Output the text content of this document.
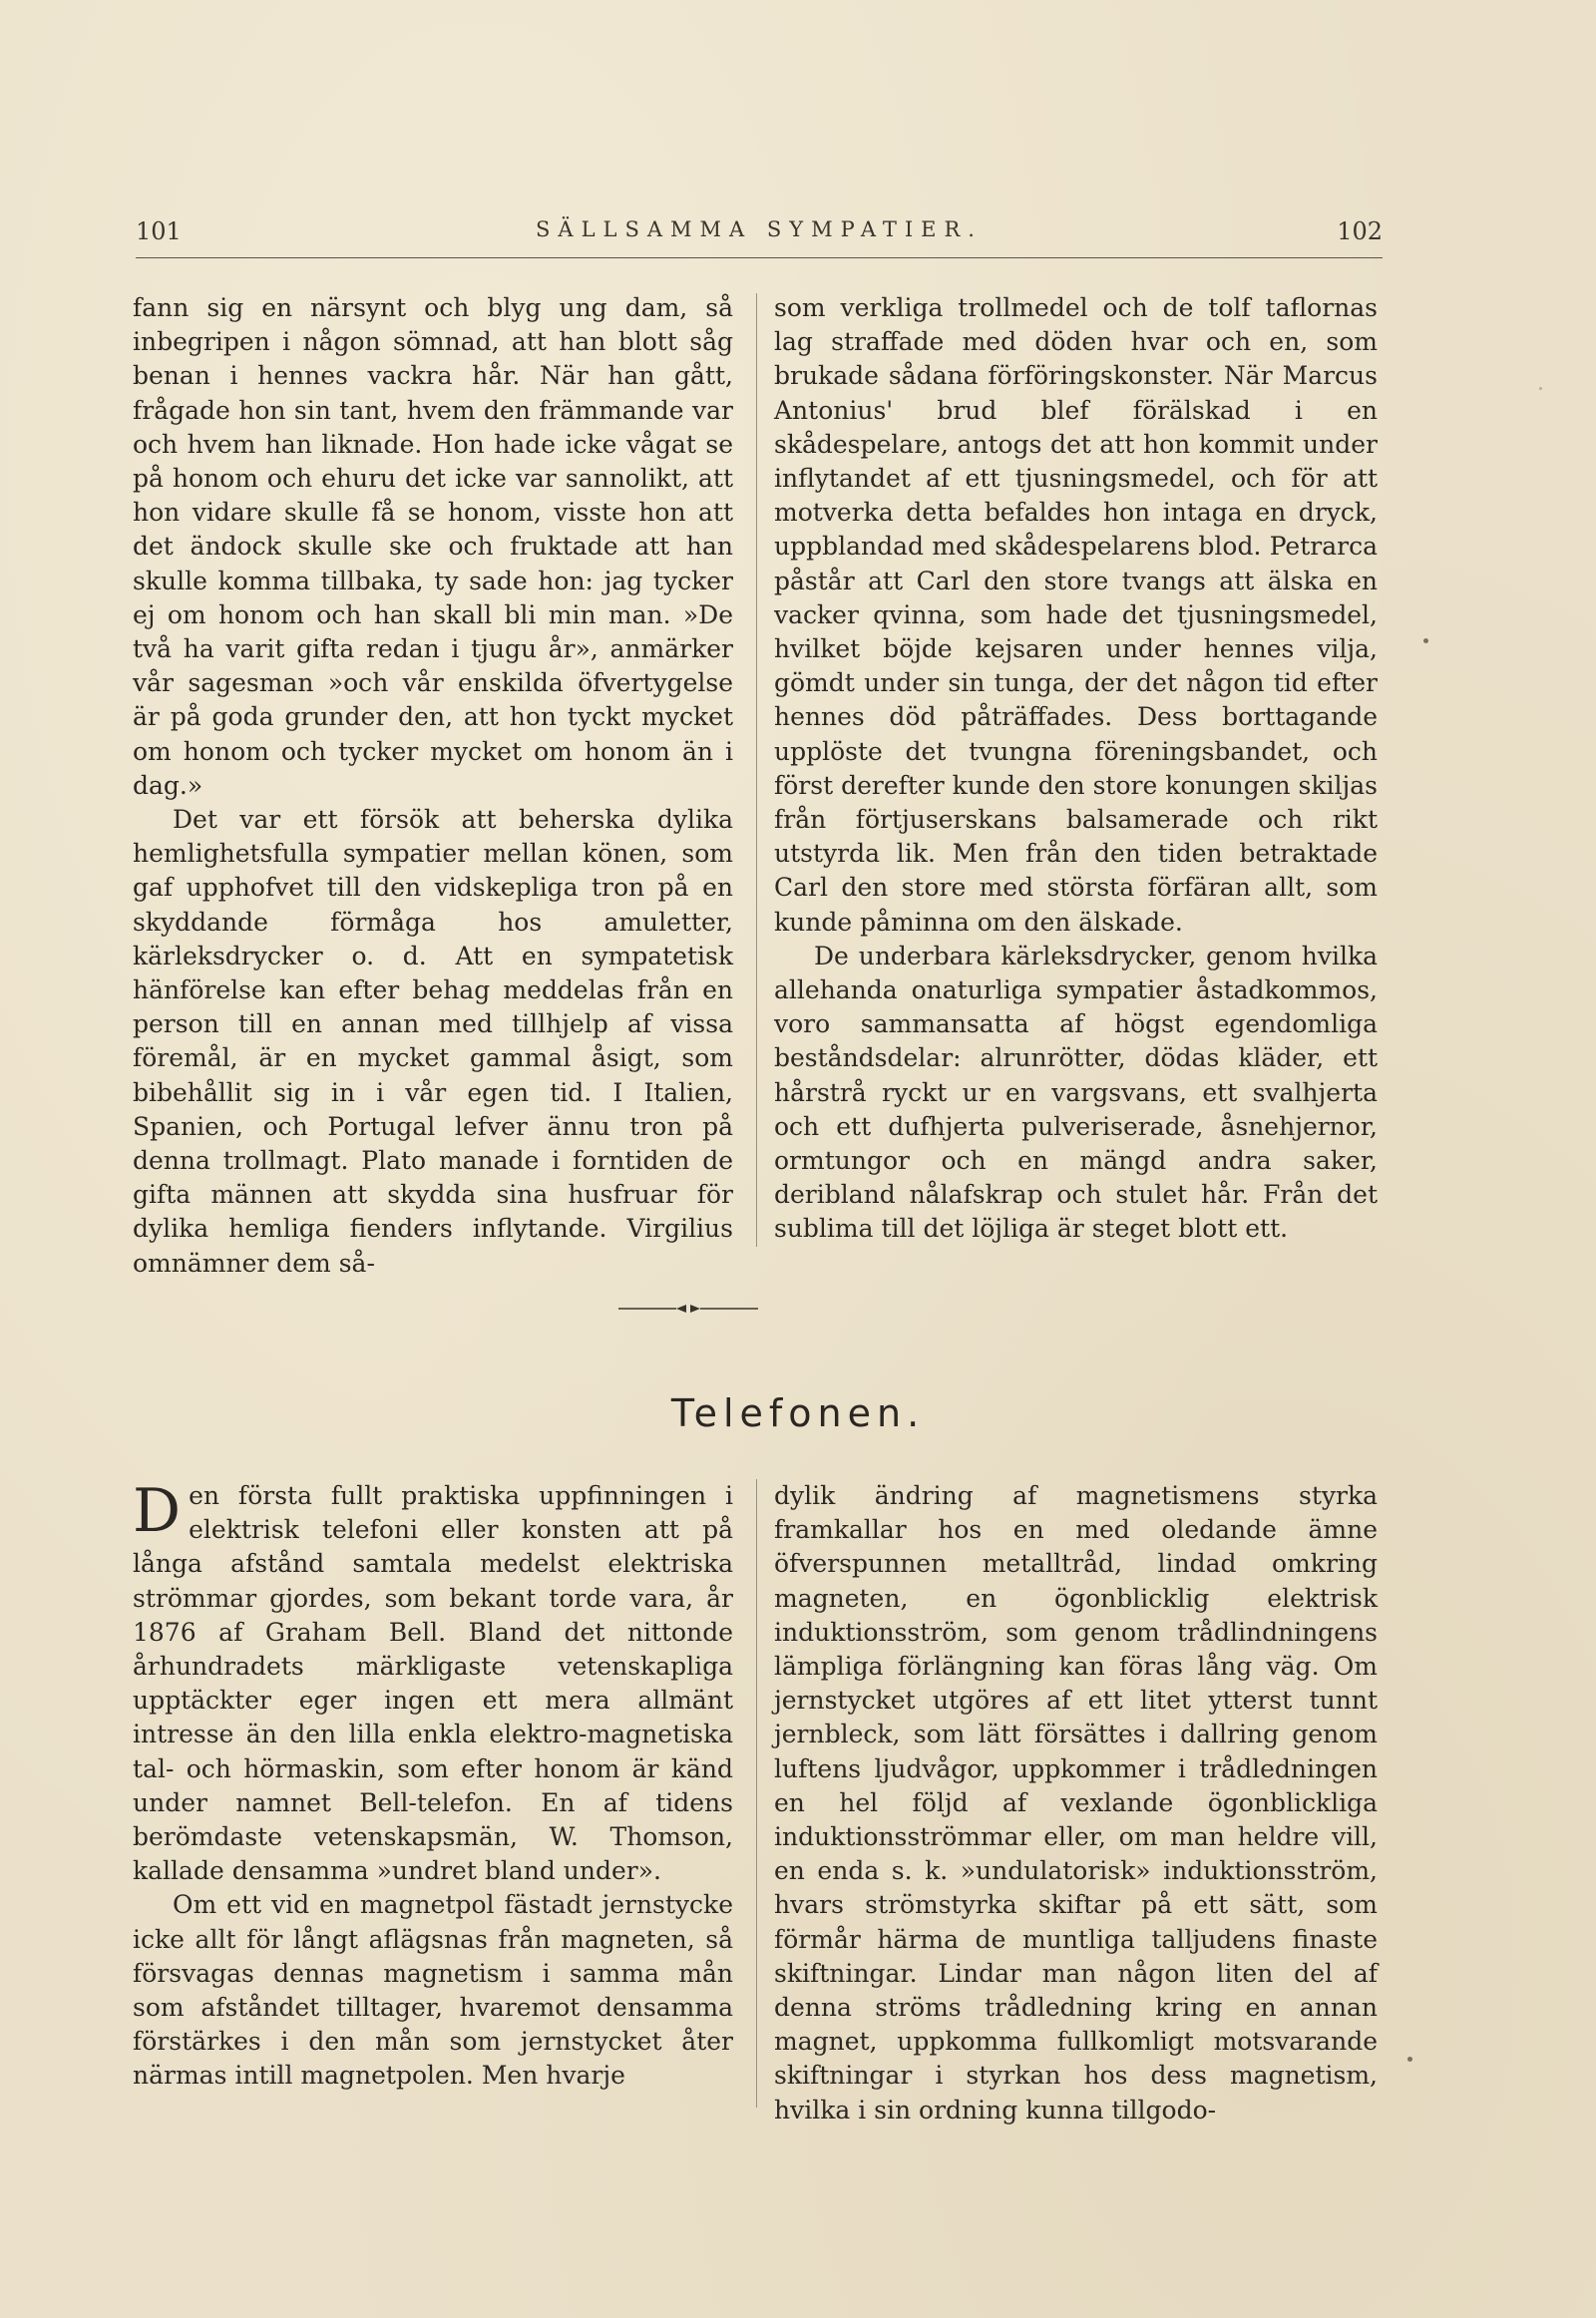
101	SÄLLSAMMA SYMPATIER.	102

fann sig en närsynt och blyg ung dam, så inbegripen i någon sömnad, att han blott såg benan i hennes vackra hår. När han gått, frågade hon sin tant, hvem den främmande var och hvem han liknade. Hon hade icke vågat se på honom och ehuru det icke var sannolikt, att hon vidare skulle få se honom, visste hon att det ändock skulle ske och fruktade att han skulle komma tillbaka, ty sade hon: jag tycker ej om honom och han skall bli min man. »De två ha varit gifta redan i tjugu år», anmärker vår sagesman »och vår enskilda öfvertygelse är på goda grunder den, att hon tyckt mycket om honom och tycker mycket om honom än i dag.»

Det var ett försök att beherska dylika hemlighetsfulla sympatier mellan könen, som gaf upphofvet till den vidskepliga tron på en skyddande förmåga hos amuletter, kärleksdrycker o. d. Att en sympatetisk hänförelse kan efter behag meddelas från en person till en annan med tillhjelp af vissa föremål, är en mycket gammal åsigt, som bibehållit sig in i vår egen tid. I Italien, Spanien, och Portugal lefver ännu tron på denna trollmagt. Plato manade i forntiden de gifta männen att skydda sina husfruar för dylika hemliga fienders inflytande. Virgilius omnämner dem så-

som verkliga trollmedel och de tolf taflornas lag straffade med döden hvar och en, som brukade sådana förföringskonster. När Marcus Antonius' brud blef förälskad i en skådespelare, antogs det att hon kommit under inflytandet af ett tjusningsmedel, och för att motverka detta befaldes hon intaga en dryck, uppblandad med skådespelarens blod. Petrarca påstår att Carl den store tvangs att älska en vacker qvinna, som hade det tjusningsmedel, hvilket böjde kejsaren under hennes vilja, gömdt under sin tunga, der det någon tid efter hennes död påträffades. Dess borttagande upplöste det tvungna föreningsbandet, och först derefter kunde den store konungen skiljas från förtjuserskans balsamerade och rikt utstyrda lik. Men från den tiden betraktade Carl den store med största förfäran allt, som kunde påminna om den älskade.

De underbara kärleksdrycker, genom hvilka allehanda onaturliga sympatier åstadkommos, voro sammansatta af högst egendomliga beståndsdelar: alrunrötter, dödas kläder, ett hårstrå ryckt ur en vargsvans, ett svalhjerta och ett dufhjerta pulveriserade, åsnehjernor, ormtungor och en mängd andra saker, deribland nålafskrap och stulet hår. Från det sublima till det löjliga är steget blott ett.

Telefonen.

Den första fullt praktiska uppfinningen i elektrisk telefoni eller konsten att på långa afstånd samtala medelst elektriska strömmar gjordes, som bekant torde vara, år 1876 af Graham Bell. Bland det nittonde århundradets märkligaste vetenskapliga upptäckter eger ingen ett mera allmänt intresse än den lilla enkla elektro-magnetiska tal- och hörmaskin, som efter honom är känd under namnet Bell-telefon. En af tidens berömdaste vetenskapsmän, W. Thomson, kallade densamma »undret bland under».

Om ett vid en magnetpol fästadt jernstycke icke allt för långt aflägsnas från magneten, så försvagas dennas magnetism i samma mån som afståndet tilltager, hvaremot densamma förstärkes i den mån som jernstycket åter närmas intill magnetpolen. Men hvarje

dylik ändring af magnetismens styrka framkallar hos en med oledande ämne öfverspunnen metalltråd, lindad omkring magneten, en ögonblicklig elektrisk induktionsström, som genom trådlindningens lämpliga förlängning kan föras lång väg. Om jernstycket utgöres af ett litet ytterst tunnt jernbleck, som lätt försättes i dallring genom luftens ljudvågor, uppkommer i trådledningen en hel följd af vexlande ögonblickliga induktionsströmmar eller, om man heldre vill, en enda s. k. »undulatorisk» induktionsström, hvars strömstyrka skiftar på ett sätt, som förmår härma de muntliga talljudens finaste skiftningar. Lindar man någon liten del af denna ströms trådledning kring en annan magnet, uppkomma fullkomligt motsvarande skiftningar i styrkan hos dess magnetism, hvilka i sin ordning kunna tillgodo-
